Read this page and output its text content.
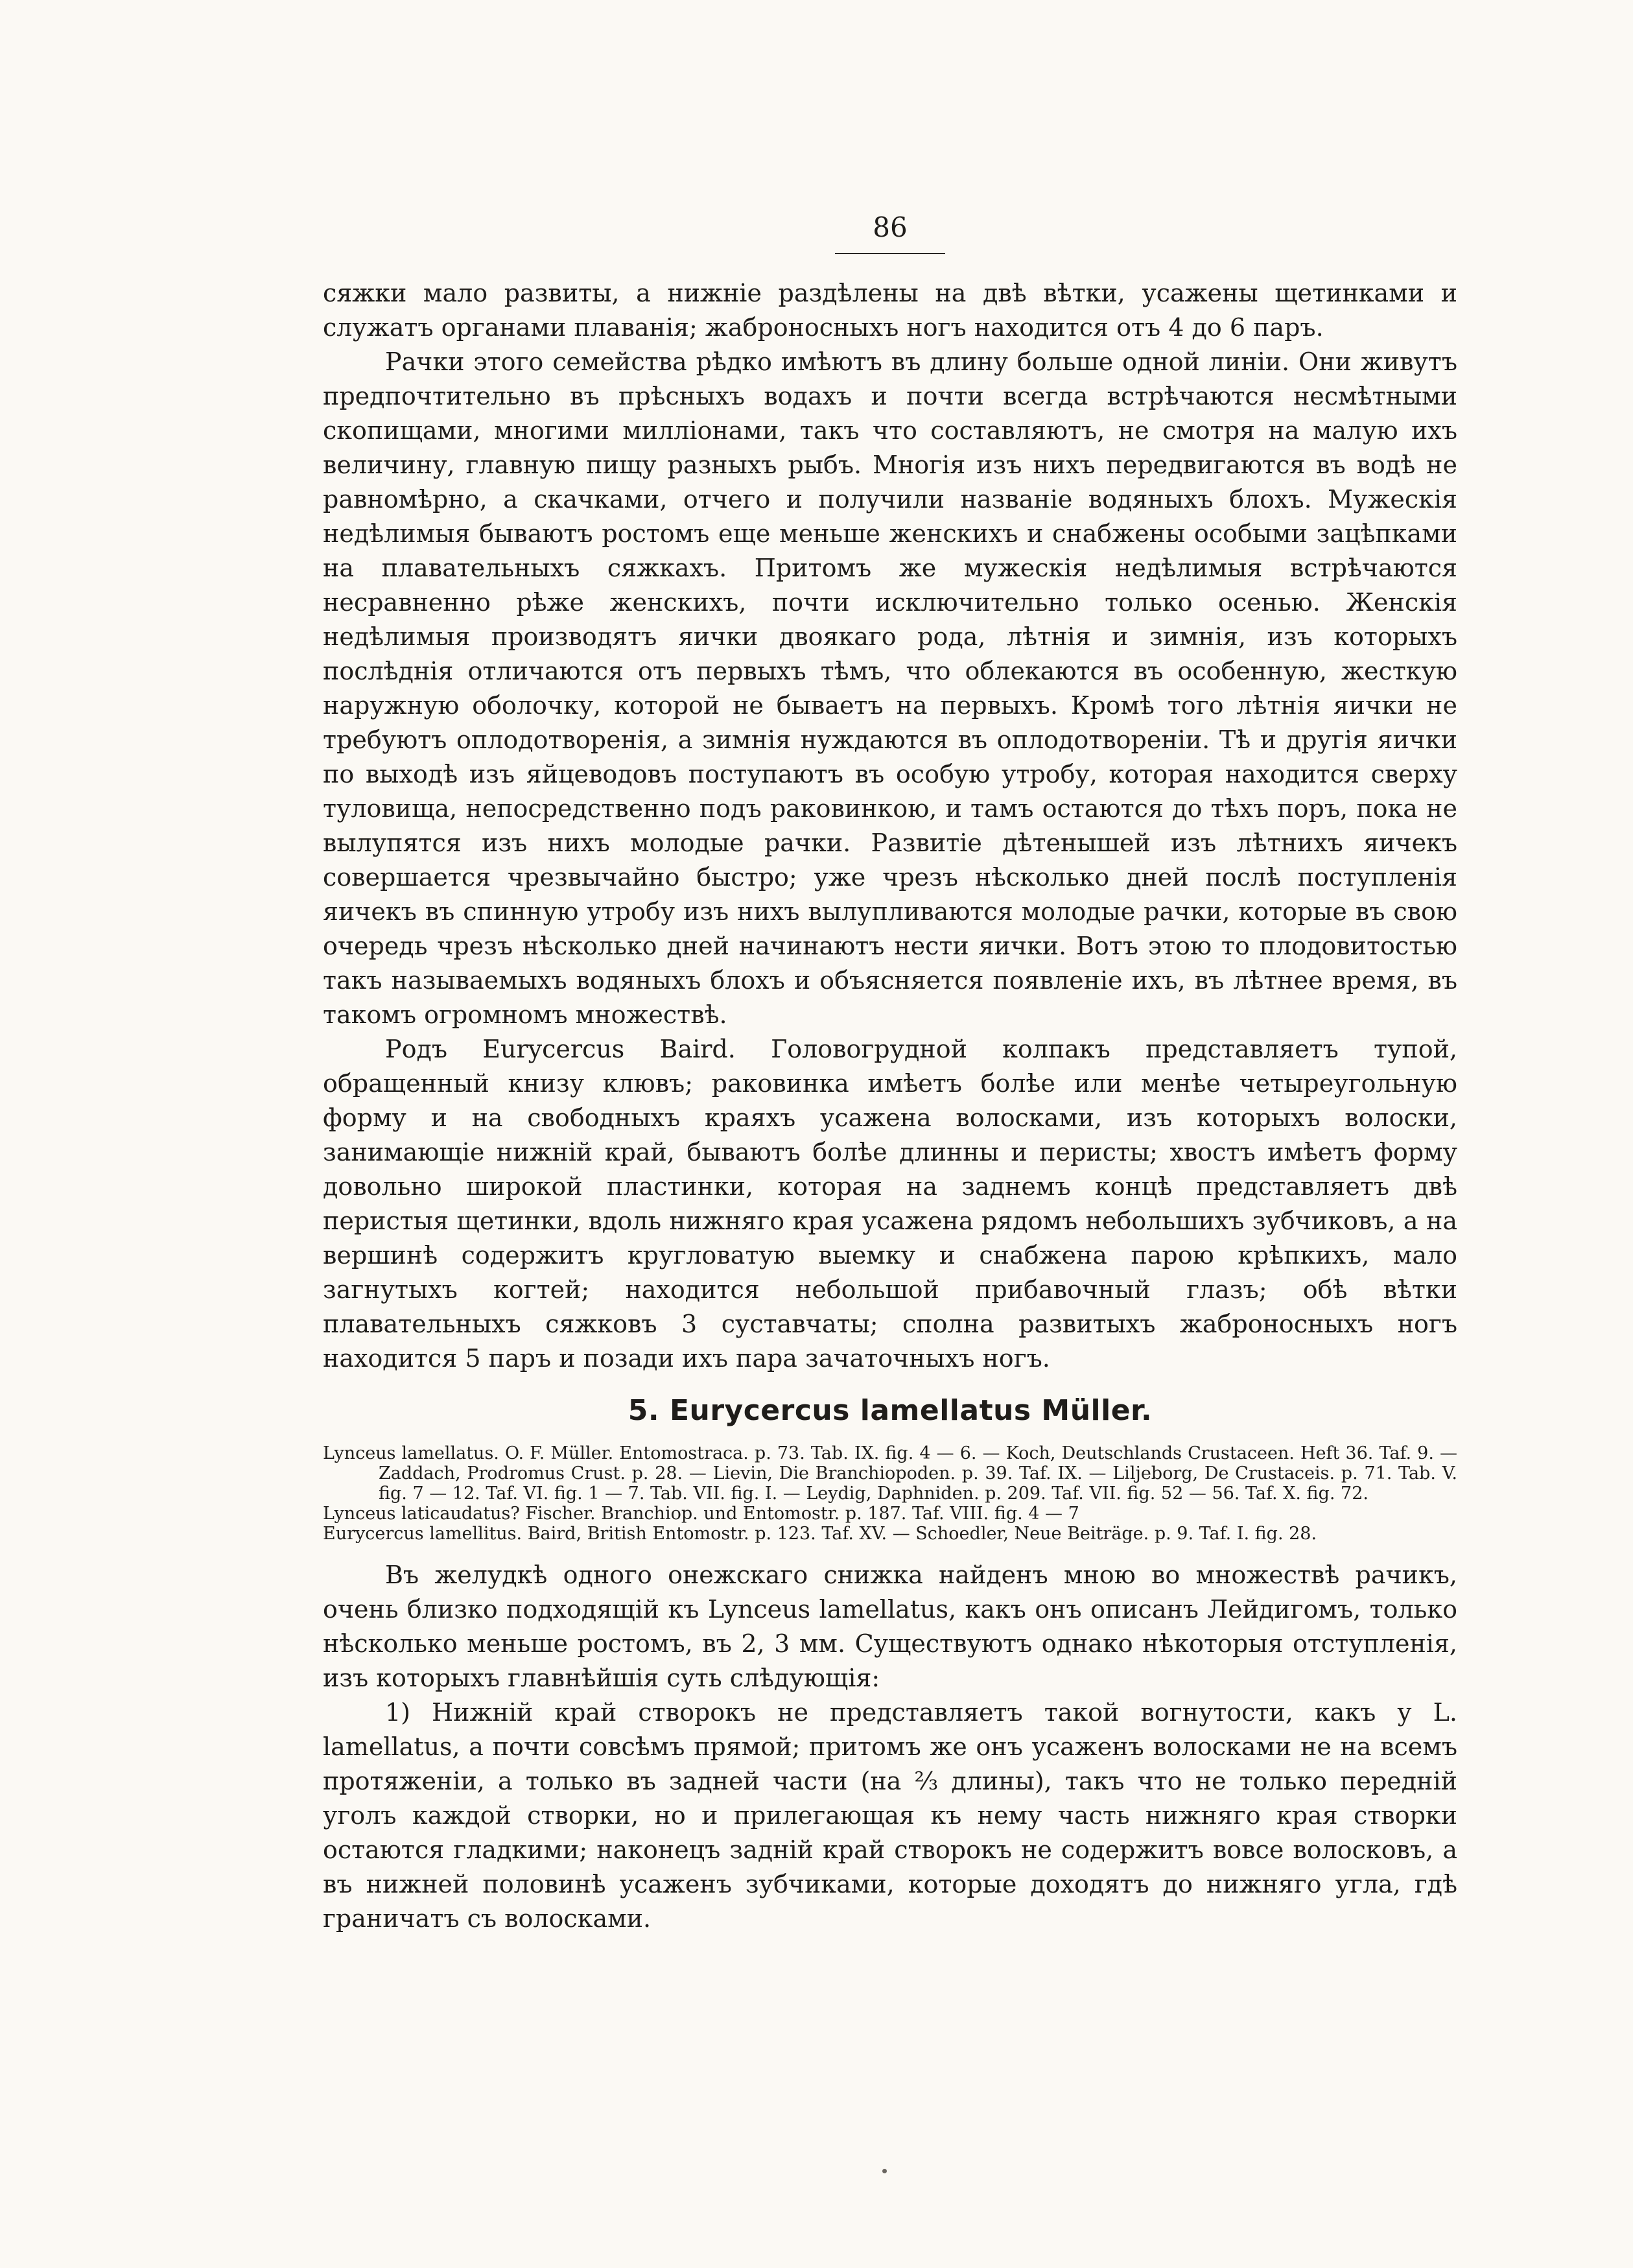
86

сяжки мало развиты, а нижніе раздѣлены на двѣ вѣтки, усажены щетинками и служатъ органами плаванія; жаброносныхъ ногъ находится отъ 4 до 6 паръ.

Рачки этого семейства рѣдко имѣютъ въ длину больше одной линіи. Они живутъ предпочтительно въ прѣсныхъ водахъ и почти всегда встрѣчаются несмѣтными скопищами, многими милліонами, такъ что составляютъ, не смотря на малую ихъ величину, главную пищу разныхъ рыбъ. Многія изъ нихъ передвигаются въ водѣ не равномѣрно, а скачками, отчего и получили названіе водяныхъ блохъ. Мужескія недѣлимыя бываютъ ростомъ еще меньше женскихъ и снабжены особыми зацѣпками на плавательныхъ сяжкахъ. Притомъ же мужескія недѣлимыя встрѣчаются несравненно рѣже женскихъ, почти исключительно только осенью. Женскія недѣлимыя производятъ яички двоякаго рода, лѣтнія и зимнія, изъ которыхъ послѣднія отличаются отъ первыхъ тѣмъ, что облекаются въ особенную, жесткую наружную оболочку, которой не бываетъ на первыхъ. Кромѣ того лѣтнія яички не требуютъ оплодотворенія, а зимнія нуждаются въ оплодотвореніи. Тѣ и другія яички по выходѣ изъ яйцеводовъ поступаютъ въ особую утробу, которая находится сверху туловища, непосредственно подъ раковинкою, и тамъ остаются до тѣхъ поръ, пока не вылупятся изъ нихъ молодые рачки. Развитіе дѣтенышей изъ лѣтнихъ яичекъ совершается чрезвычайно быстро; уже чрезъ нѣсколько дней послѣ поступленія яичекъ въ спинную утробу изъ нихъ вылупливаются молодые рачки, которые въ свою очередь чрезъ нѣсколько дней начинаютъ нести яички. Вотъ этою то плодовитостью такъ называемыхъ водяныхъ блохъ и объясняется появленіе ихъ, въ лѣтнее время, въ такомъ огромномъ множествѣ.

Родъ Eurycercus Baird. Головогрудной колпакъ представляетъ тупой, обращенный книзу клювъ; раковинка имѣетъ болѣе или менѣе четыреугольную форму и на свободныхъ краяхъ усажена волосками, изъ которыхъ волоски, занимающіе нижній край, бываютъ болѣе длинны и перисты; хвостъ имѣетъ форму довольно широкой пластинки, которая на заднемъ концѣ представляетъ двѣ перистыя щетинки, вдоль нижняго края усажена рядомъ небольшихъ зубчиковъ, а на вершинѣ содержитъ кругловатую выемку и снабжена парою крѣпкихъ, мало загнутыхъ когтей; находится небольшой прибавочный глазъ; обѣ вѣтки плавательныхъ сяжковъ 3 суставчаты; сполна развитыхъ жаброносныхъ ногъ находится 5 паръ и позади ихъ пара зачаточныхъ ногъ.

5. Eurycercus lamellatus Müller.

Lynceus lamellatus. O. F. Müller. Entomostraca. p. 73. Tab. IX. fig. 4 — 6. — Koch, Deutschlands Crustaceen. Heft 36. Taf. 9. — Zaddach, Prodromus Crust. p. 28. — Lievin, Die Branchiopoden. p. 39. Taf. IX. — Liljeborg, De Crustaceis. p. 71. Tab. V. fig. 7 — 12. Taf. VI. fig. 1 — 7. Tab. VII. fig. I. — Leydig, Daphniden. p. 209. Taf. VII. fig. 52 — 56. Taf. X. fig. 72.

Lynceus laticaudatus? Fischer. Branchiop. und Entomostr. p. 187. Taf. VIII. fig. 4 — 7

Eurycercus lamellitus. Baird, British Entomostr. p. 123. Taf. XV. — Schoedler, Neue Beiträge. p. 9. Taf. I. fig. 28.

Въ желудкѣ одного онежскаго снижка найденъ мною во множествѣ рачикъ, очень близко подходящій къ Lynceus lamellatus, какъ онъ описанъ Лейдигомъ, только нѣсколько меньше ростомъ, въ 2, 3 мм. Существуютъ однако нѣкоторыя отступленія, изъ которыхъ главнѣйшія суть слѣдующія:

1) Нижній край створокъ не представляетъ такой вогнутости, какъ у L. lamellatus, а почти совсѣмъ прямой; притомъ же онъ усаженъ волосками не на всемъ протяженіи, а только въ задней части (на ²⁄₃ длины), такъ что не только передній уголъ каждой створки, но и прилегающая къ нему часть нижняго края створки остаются гладкими; наконецъ задній край створокъ не содержитъ вовсе волосковъ, а въ нижней половинѣ усаженъ зубчиками, которые доходятъ до нижняго угла, гдѣ граничатъ съ волосками.
